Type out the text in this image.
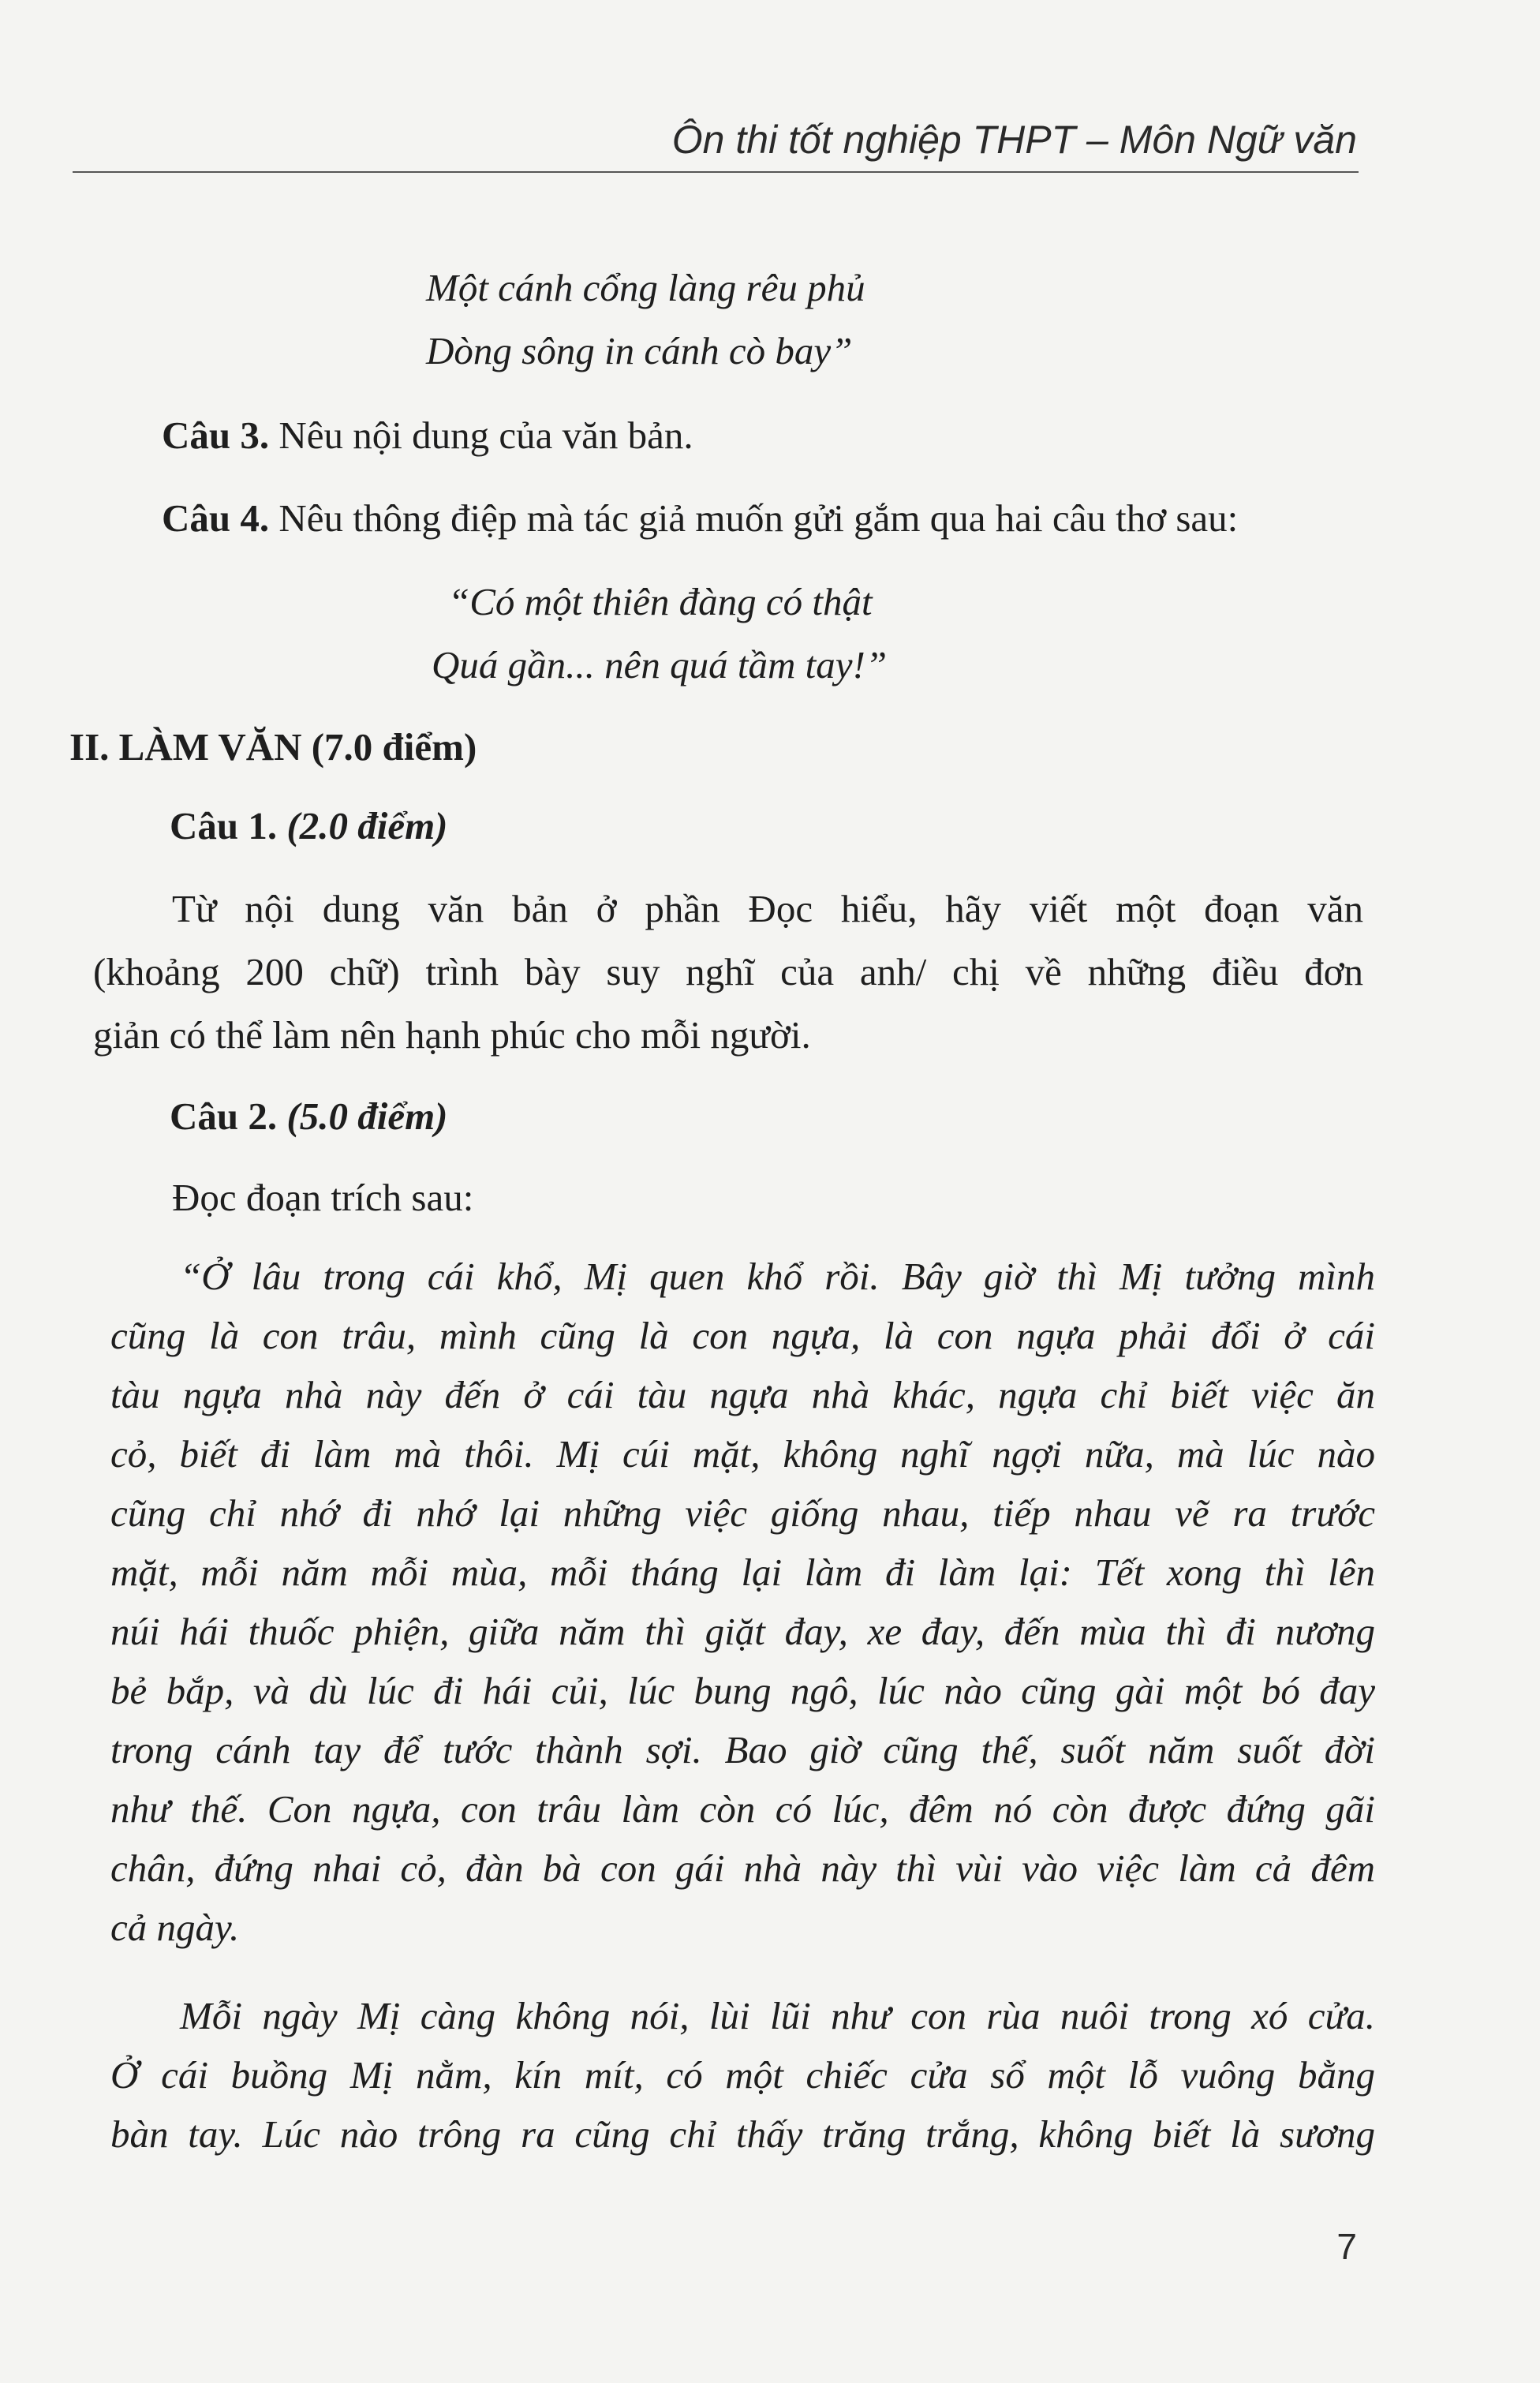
Ôn thi tốt nghiệp THPT – Môn Ngữ văn
Một cánh cổng làng rêu phủ
Dòng sông in cánh cò bay”
Câu 3. Nêu nội dung của văn bản.
Câu 4. Nêu thông điệp mà tác giả muốn gửi gắm qua hai câu thơ sau:
“Có một thiên đàng có thật
Quá gần... nên quá tầm tay!”
II. LÀM VĂN (7.0 điểm)
Câu 1. (2.0 điểm)
Từ nội dung văn bản ở phần Đọc hiểu, hãy viết một đoạn văn
(khoảng 200 chữ) trình bày suy nghĩ của anh/ chị về những điều đơn
giản có thể làm nên hạnh phúc cho mỗi người.
Câu 2. (5.0 điểm)
Đọc đoạn trích sau:
“Ở lâu trong cái khổ, Mị quen khổ rồi. Bây giờ thì Mị tưởng mình
cũng là con trâu, mình cũng là con ngựa, là con ngựa phải đổi ở cái
tàu ngựa nhà này đến ở cái tàu ngựa nhà khác, ngựa chỉ biết việc ăn
cỏ, biết đi làm mà thôi. Mị cúi mặt, không nghĩ ngợi nữa, mà lúc nào
cũng chỉ nhớ đi nhớ lại những việc giống nhau, tiếp nhau vẽ ra trước
mặt, mỗi năm mỗi mùa, mỗi tháng lại làm đi làm lại: Tết xong thì lên
núi hái thuốc phiện, giữa năm thì giặt đay, xe đay, đến mùa thì đi nương
bẻ bắp, và dù lúc đi hái củi, lúc bung ngô, lúc nào cũng gài một bó đay
trong cánh tay để tước thành sợi. Bao giờ cũng thế, suốt năm suốt đời
như thế. Con ngựa, con trâu làm còn có lúc, đêm nó còn được đứng gãi
chân, đứng nhai cỏ, đàn bà con gái nhà này thì vùi vào việc làm cả đêm
cả ngày.
Mỗi ngày Mị càng không nói, lùi lũi như con rùa nuôi trong xó cửa.
Ở cái buồng Mị nằm, kín mít, có một chiếc cửa sổ một lỗ vuông bằng
bàn tay. Lúc nào trông ra cũng chỉ thấy trăng trắng, không biết là sương
7
